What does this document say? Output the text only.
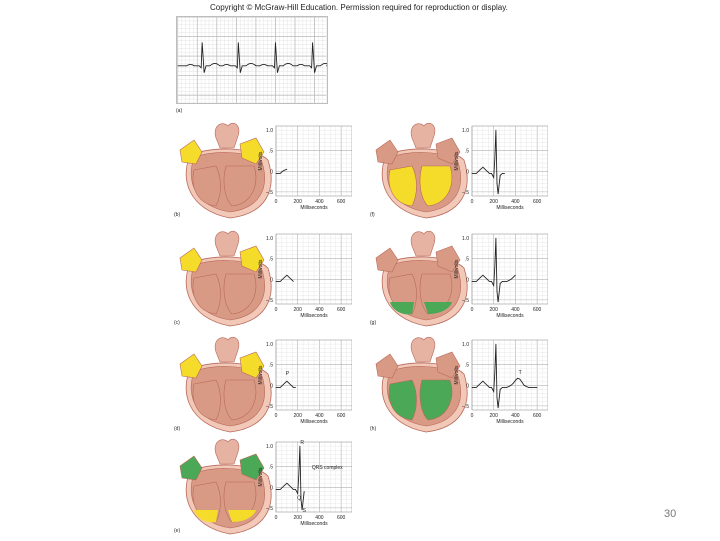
Copyright © McGraw-Hill Education. Permission required for reproduction or display.
(a)
1.0
.5
0
–.5
0	200	400	600
Millivolts
Milliseconds
(b)
1.0
.5
0
–.5
0	200	400	600
Millivolts
Milliseconds
(c)
1.0
.5
0
–.5
0	200	400	600
Millivolts
Milliseconds
P
(d)
1.0
.5
0
–.5
0	200	400	600
Millivolts
Milliseconds
R
Q
S
QRS complex
(e)
1.0
.5
0
–.5
0	200	400	600
Millivolts
Milliseconds
(f)
1.0
.5
0
–.5
0	200	400	600
Millivolts
Milliseconds
(g)
1.0
.5
0
–.5
0	200	400	600
Millivolts
Milliseconds
T
(h)
30
